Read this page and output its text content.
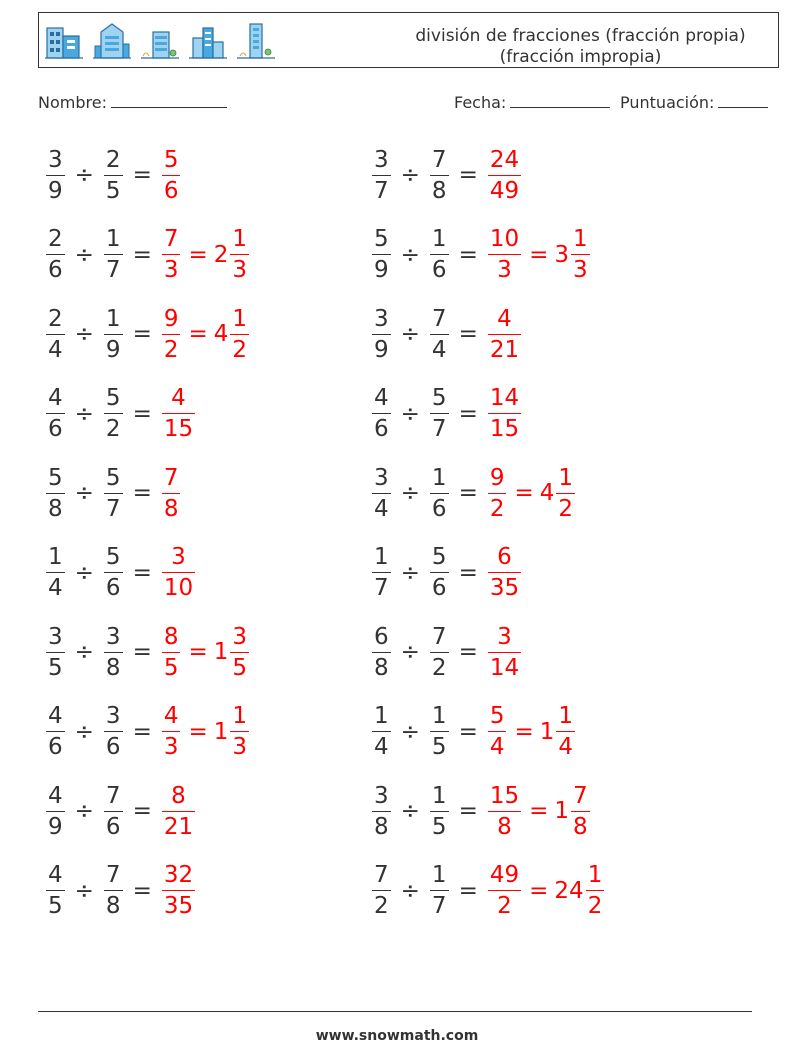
división de fracciones (fracción propia)
(fracción impropia)
Nombre:	Fecha:	Puntuación:
$\frac{3}{9} \div \frac{2}{5} = \frac{5}{6}$	$\frac{3}{7} \div \frac{7}{8} = \frac{24}{49}$
$\frac{2}{6} \div \frac{1}{7} = \frac{7}{3} = 2 \frac{1}{3}$	$\frac{5}{9} \div \frac{1}{6} = \frac{10}{3} = 3 \frac{1}{3}$
$\frac{2}{4} \div \frac{1}{9} = \frac{9}{2} = 4 \frac{1}{2}$	$\frac{3}{9} \div \frac{7}{4} = \frac{4}{21}$
$\frac{4}{6} \div \frac{5}{2} = \frac{4}{15}$	$\frac{4}{6} \div \frac{5}{7} = \frac{14}{15}$
$\frac{5}{8} \div \frac{5}{7} = \frac{7}{8}$	$\frac{3}{4} \div \frac{1}{6} = \frac{9}{2} = 4 \frac{1}{2}$
$\frac{1}{4} \div \frac{5}{6} = \frac{3}{10}$	$\frac{1}{7} \div \frac{5}{6} = \frac{6}{35}$
$\frac{3}{5} \div \frac{3}{8} = \frac{8}{5} = 1 \frac{3}{5}$	$\frac{6}{8} \div \frac{7}{2} = \frac{3}{14}$
$\frac{4}{6} \div \frac{3}{6} = \frac{4}{3} = 1 \frac{1}{3}$	$\frac{1}{4} \div \frac{1}{5} = \frac{5}{4} = 1 \frac{1}{4}$
$\frac{4}{9} \div \frac{7}{6} = \frac{8}{21}$	$\frac{3}{8} \div \frac{1}{5} = \frac{15}{8} = 1 \frac{7}{8}$
$\frac{4}{5} \div \frac{7}{8} = \frac{32}{35}$	$\frac{7}{2} \div \frac{1}{7} = \frac{49}{2} = 24 \frac{1}{2}$
www.snowmath.com
